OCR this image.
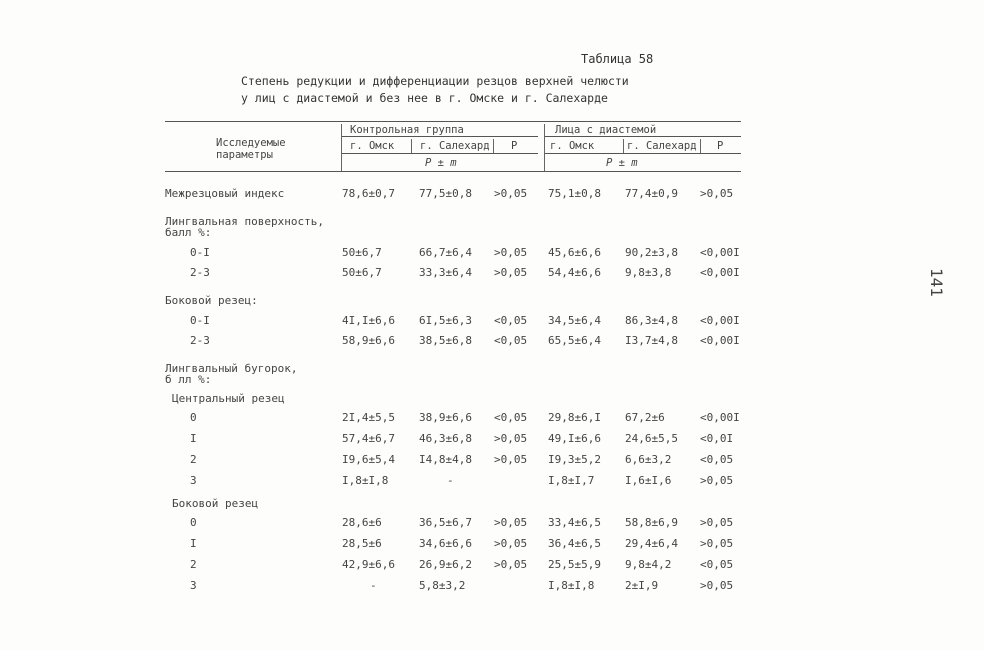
Таблица 58
Степень редукции и дифференциации резцов верхней челюсти
у лиц с диастемой и без нее в г. Омске и г. Салехарде
141
Исследуемые параметры
Контрольная группа	Лица с диастемой
г. Омск г. Салехард P	г. Омск	г. Салехард P
P ± m	P ± m
Межрезцовый индекс	78,6±0,7 77,5±0,8 >0,05 75,1±0,8 77,4±0,9 >0,05
Лингвальная поверхность,
балл %:
0-I	50±6,7	66,7±6,4 >0,05 45,6±6,6 90,2±3,8 <0,00I
2-3	50±6,7	33,3±6,4 >0,05 54,4±6,6 9,8±3,8	<0,00I
Боковой резец:
0-I	4I,I±6,6 6I,5±6,3 <0,05 34,5±6,4 86,3±4,8 <0,00I
2-3	58,9±6,6 38,5±6,8 <0,05 65,5±6,4 I3,7±4,8 <0,00I
Лингвальный бугорок,
б лл %:
Центральный резец
0	2I,4±5,5 38,9±6,6 <0,05 29,8±6,I 67,2±6	<0,00I
I	57,4±6,7 46,3±6,8 >0,05 49,I±6,6 24,6±5,5 <0,0I
2	I9,6±5,4 I4,8±4,8 >0,05 I9,3±5,2 6,6±3,2	<0,05
3	I,8±I,8	-	I,8±I,7	I,6±I,6	>0,05
Боковой резец
0	28,6±6	36,5±6,7 >0,05 33,4±6,5 58,8±6,9 >0,05
I	28,5±6	34,6±6,6 >0,05 36,4±6,5 29,4±6,4 >0,05
2	42,9±6,6 26,9±6,2 >0,05 25,5±5,9 9,8±4,2	<0,05
3	-	5,8±3,2	I,8±I,8	2±I,9	>0,05
